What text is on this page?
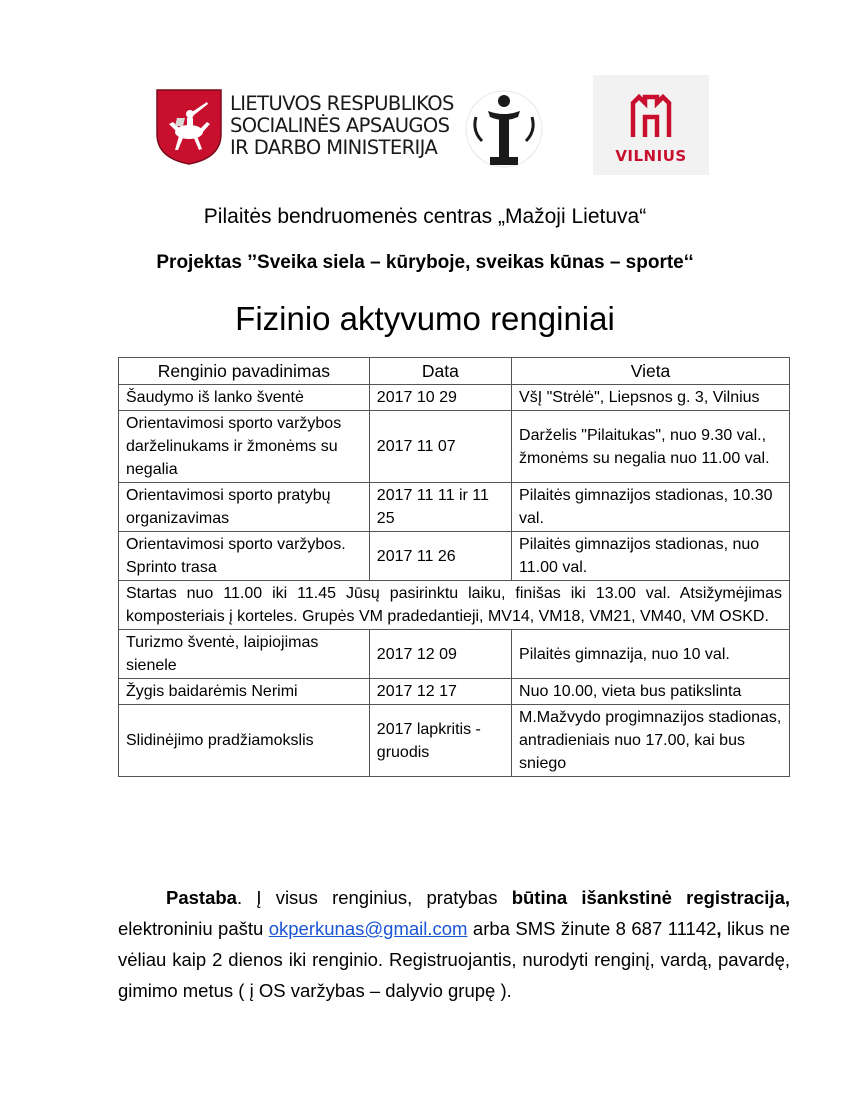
LIETUVOS RESPUBLIKOS
SOCIALINĖS APSAUGOS
IR DARBO MINISTERIJA	VILNIUS
Pilaitės bendruomenės centras „Mažoji Lietuva“
Projektas ’’Sveika siela – kūryboje, sveikas kūnas – sporte‘‘
Fizinio aktyvumo renginiai
Renginio pavadinimas	Data	Vieta
Šaudymo iš lanko šventė	2017 10 29	VšĮ "Strėlė", Liepsnos g. 3, Vilnius
Orientavimosi sporto varžybos darželinukams ir žmonėms su negalia	2017 11 07	Darželis "Pilaitukas", nuo 9.30 val., žmonėms su negalia nuo 11.00 val.
Orientavimosi sporto pratybų organizavimas	2017 11 11 ir 11 25	Pilaitės gimnazijos stadionas, 10.30 val.
Orientavimosi sporto varžybos. Sprinto trasa	2017 11 26	Pilaitės gimnazijos stadionas, nuo 11.00 val.
Startas nuo 11.00 iki 11.45 Jūsų pasirinktu laiku, finišas iki 13.00 val. Atsižymėjimas komposteriais į korteles. Grupės VM pradedantieji, MV14, VM18, VM21, VM40, VM OSKD.		
Turizmo šventė, laipiojimas sienele	2017 12 09	Pilaitės gimnazija, nuo 10 val.
Žygis baidarėmis Nerimi	2017 12 17	Nuo 10.00, vieta bus patikslinta
Slidinėjimo pradžiamokslis	2017 lapkritis - gruodis	M.Mažvydo progimnazijos stadionas, antradieniais nuo 17.00, kai bus sniego
Pastaba. Į visus renginius, pratybas būtina išankstinė registracija, elektroniniu paštu okperkunas@gmail.com arba SMS žinute 8 687 11142, likus ne vėliau kaip 2 dienos iki renginio. Registruojantis, nurodyti renginį, vardą, pavardę, gimimo metus ( į OS varžybas – dalyvio grupę ).
